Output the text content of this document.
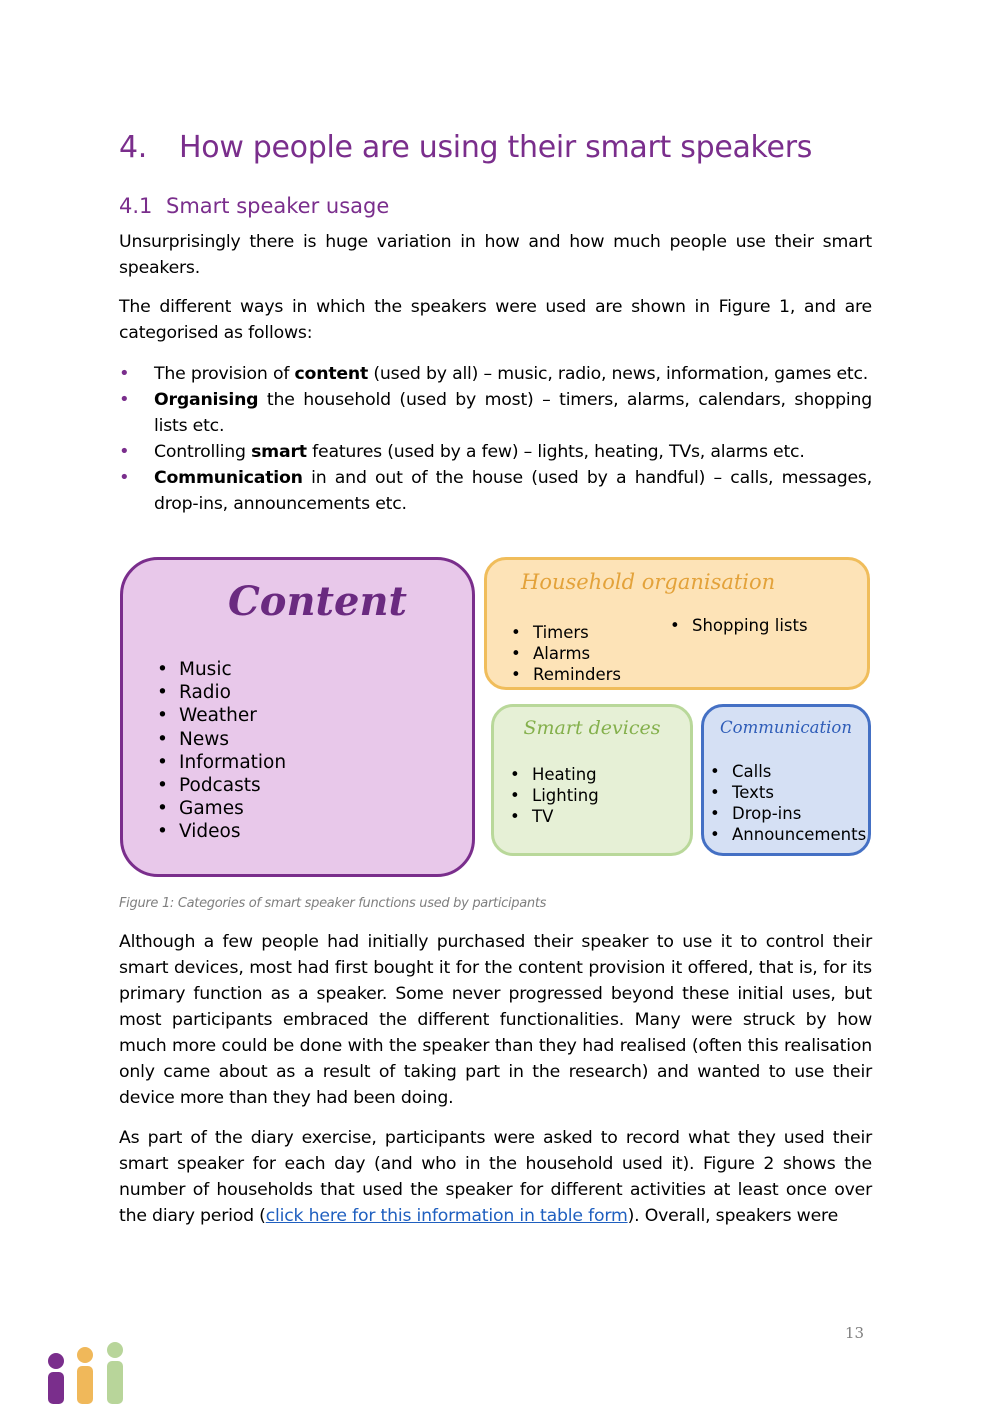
4. How people are using their smart speakers
4.1 Smart speaker usage

Unsurprisingly there is huge variation in how and how much people use their smart speakers.

The different ways in which the speakers were used are shown in Figure 1, and are categorised as follows:

• The provision of content (used by all) – music, radio, news, information, games etc.
• Organising the household (used by most) – timers, alarms, calendars, shopping lists etc.
• Controlling smart features (used by a few) – lights, heating, TVs, alarms etc.
• Communication in and out of the house (used by a handful) – calls, messages, drop-ins, announcements etc.
Content
• Music
• Radio
• Weather
• News
• Information
• Podcasts
• Games
• Videos
Household organisation
• Timers
• Alarms
• Reminders
• Shopping lists
Smart devices
• Heating
• Lighting
• TV
Communication
• Calls
• Texts
• Drop-ins
• Announcements

Figure 1: Categories of smart speaker functions used by participants

Although a few people had initially purchased their speaker to use it to control their smart devices, most had first bought it for the content provision it offered, that is, for its primary function as a speaker. Some never progressed beyond these initial uses, but most participants embraced the different functionalities. Many were struck by how much more could be done with the speaker than they had realised (often this realisation only came about as a result of taking part in the research) and wanted to use their device more than they had been doing.

As part of the diary exercise, participants were asked to record what they used their smart speaker for each day (and who in the household used it). Figure 2 shows the number of households that used the speaker for different activities at least once over the diary period (click here for this information in table form). Overall, speakers were

13
